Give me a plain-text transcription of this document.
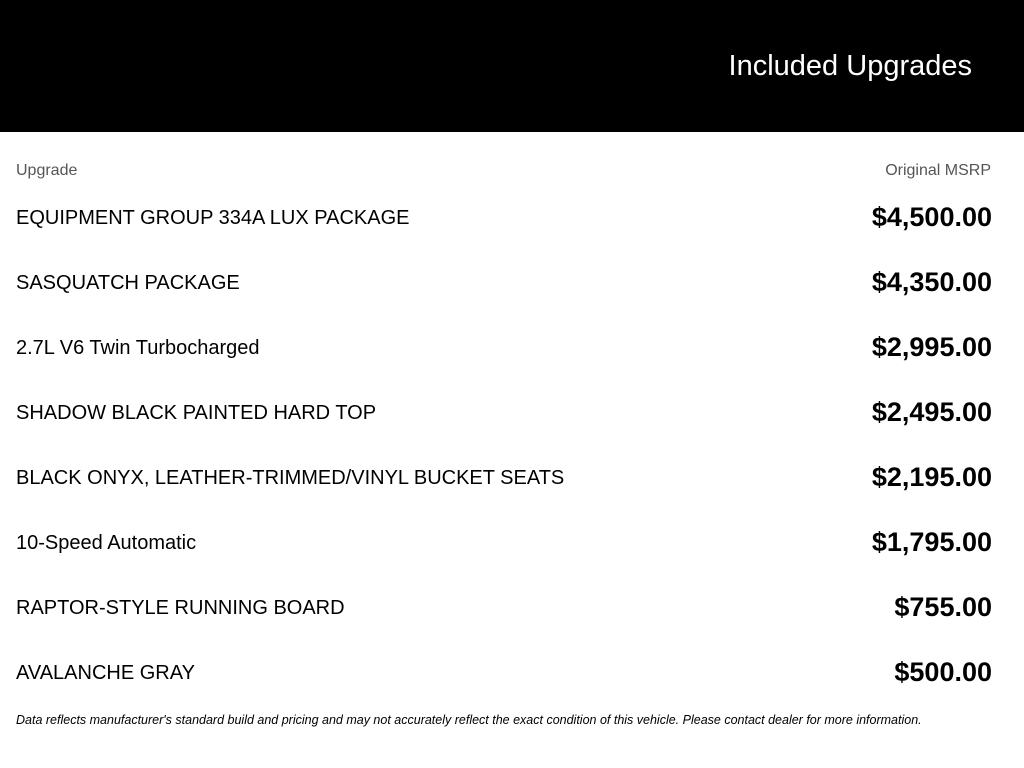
Included Upgrades
Upgrade	Original MSRP
EQUIPMENT GROUP 334A LUX PACKAGE	$4,500.00
SASQUATCH PACKAGE	$4,350.00
2.7L V6 Twin Turbocharged	$2,995.00
SHADOW BLACK PAINTED HARD TOP	$2,495.00
BLACK ONYX, LEATHER-TRIMMED/VINYL BUCKET SEATS	$2,195.00
10-Speed Automatic	$1,795.00
RAPTOR-STYLE RUNNING BOARD	$755.00
AVALANCHE GRAY	$500.00
Data reflects manufacturer's standard build and pricing and may not accurately reflect the exact condition of this vehicle. Please contact dealer for more information.
